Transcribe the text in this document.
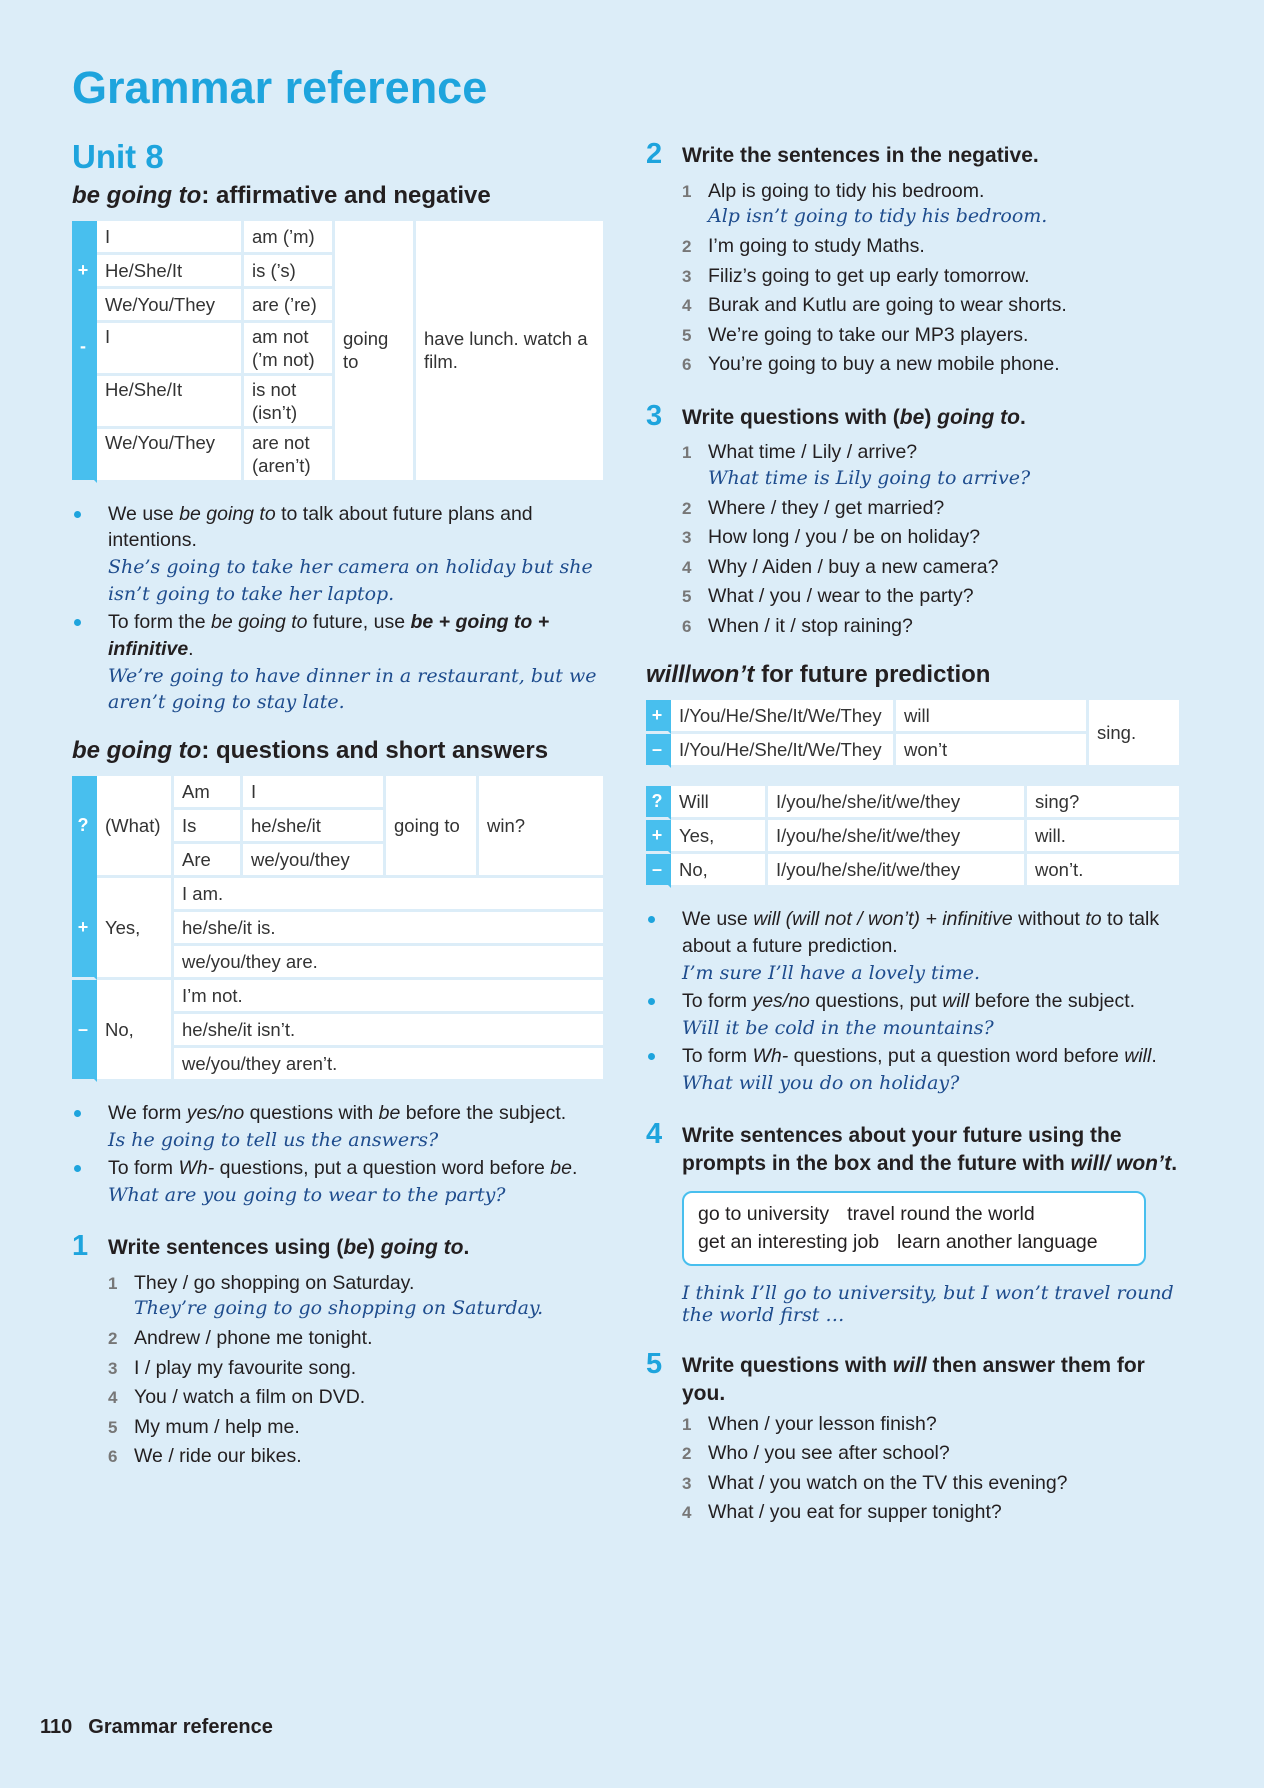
Grammar reference
Unit 8
be going to: affirmative and negative
+	I	am (’m)	going to	have lunch. watch a film.
	He/She/It	is (’s)		
	We/You/They	are (’re)		
-	I	am not (’m not)		
	He/She/It	is not (isn’t)		
	We/You/They	are not (aren’t)		
We use be going to to talk about future plans and intentions.
She’s going to take her camera on holiday but she isn’t going to take her laptop.
To form the be going to future, use be + going to + infinitive.
We’re going to have dinner in a restaurant, but we aren’t going to stay late.
be going to: questions and short answers
?	(What)	Am	I	going to	win?
		Is	he/she/it		
		Are	we/you/they		
+	Yes,	I am.			
		he/she/it is.			
		we/you/they are.			
–	No,	I’m not.			
		he/she/it isn’t.			
		we/you/they aren’t.			
We form yes/no questions with be before the subject.
Is he going to tell us the answers?
To form Wh- questions, put a question word before be.
What are you going to wear to the party?
1 Write sentences using (be) going to.
1 They / go shopping on Saturday.
They’re going to go shopping on Saturday.
2 Andrew / phone me tonight.
3 I / play my favourite song.
4 You / watch a film on DVD.
5 My mum / help me.
6 We / ride our bikes.
2 Write the sentences in the negative.
1 Alp is going to tidy his bedroom.
Alp isn’t going to tidy his bedroom.
2 I’m going to study Maths.
3 Filiz’s going to get up early tomorrow.
4 Burak and Kutlu are going to wear shorts.
5 We’re going to take our MP3 players.
6 You’re going to buy a new mobile phone.
3 Write questions with (be) going to.
1 What time / Lily / arrive?
What time is Lily going to arrive?
2 Where / they / get married?
3 How long / you / be on holiday?
4 Why / Aiden / buy a new camera?
5 What / you / wear to the party?
6 When / it / stop raining?
will/won’t for future prediction
+	I/You/He/She/It/We/They	will	sing.
–	I/You/He/She/It/We/They	won’t	
?	Will	I/you/he/she/it/we/they	sing?
+	Yes,	I/you/he/she/it/we/they	will.
–	No,	I/you/he/she/it/we/they	won’t.
We use will (will not / won’t) + infinitive without to to talk about a future prediction.
I’m sure I’ll have a lovely time.
To form yes/no questions, put will before the subject.
Will it be cold in the mountains?
To form Wh- questions, put a question word before will.
What will you do on holiday?
4 Write sentences about your future using the prompts in the box and the future with will/ won’t.
go to university travel round the world
get an interesting job learn another language
I think I’ll go to university, but I won’t travel round the world first …
5 Write questions with will then answer them for you.
1 When / your lesson finish?
2 Who / you see after school?
3 What / you watch on the TV this evening?
4 What / you eat for supper tonight?
110 Grammar reference
